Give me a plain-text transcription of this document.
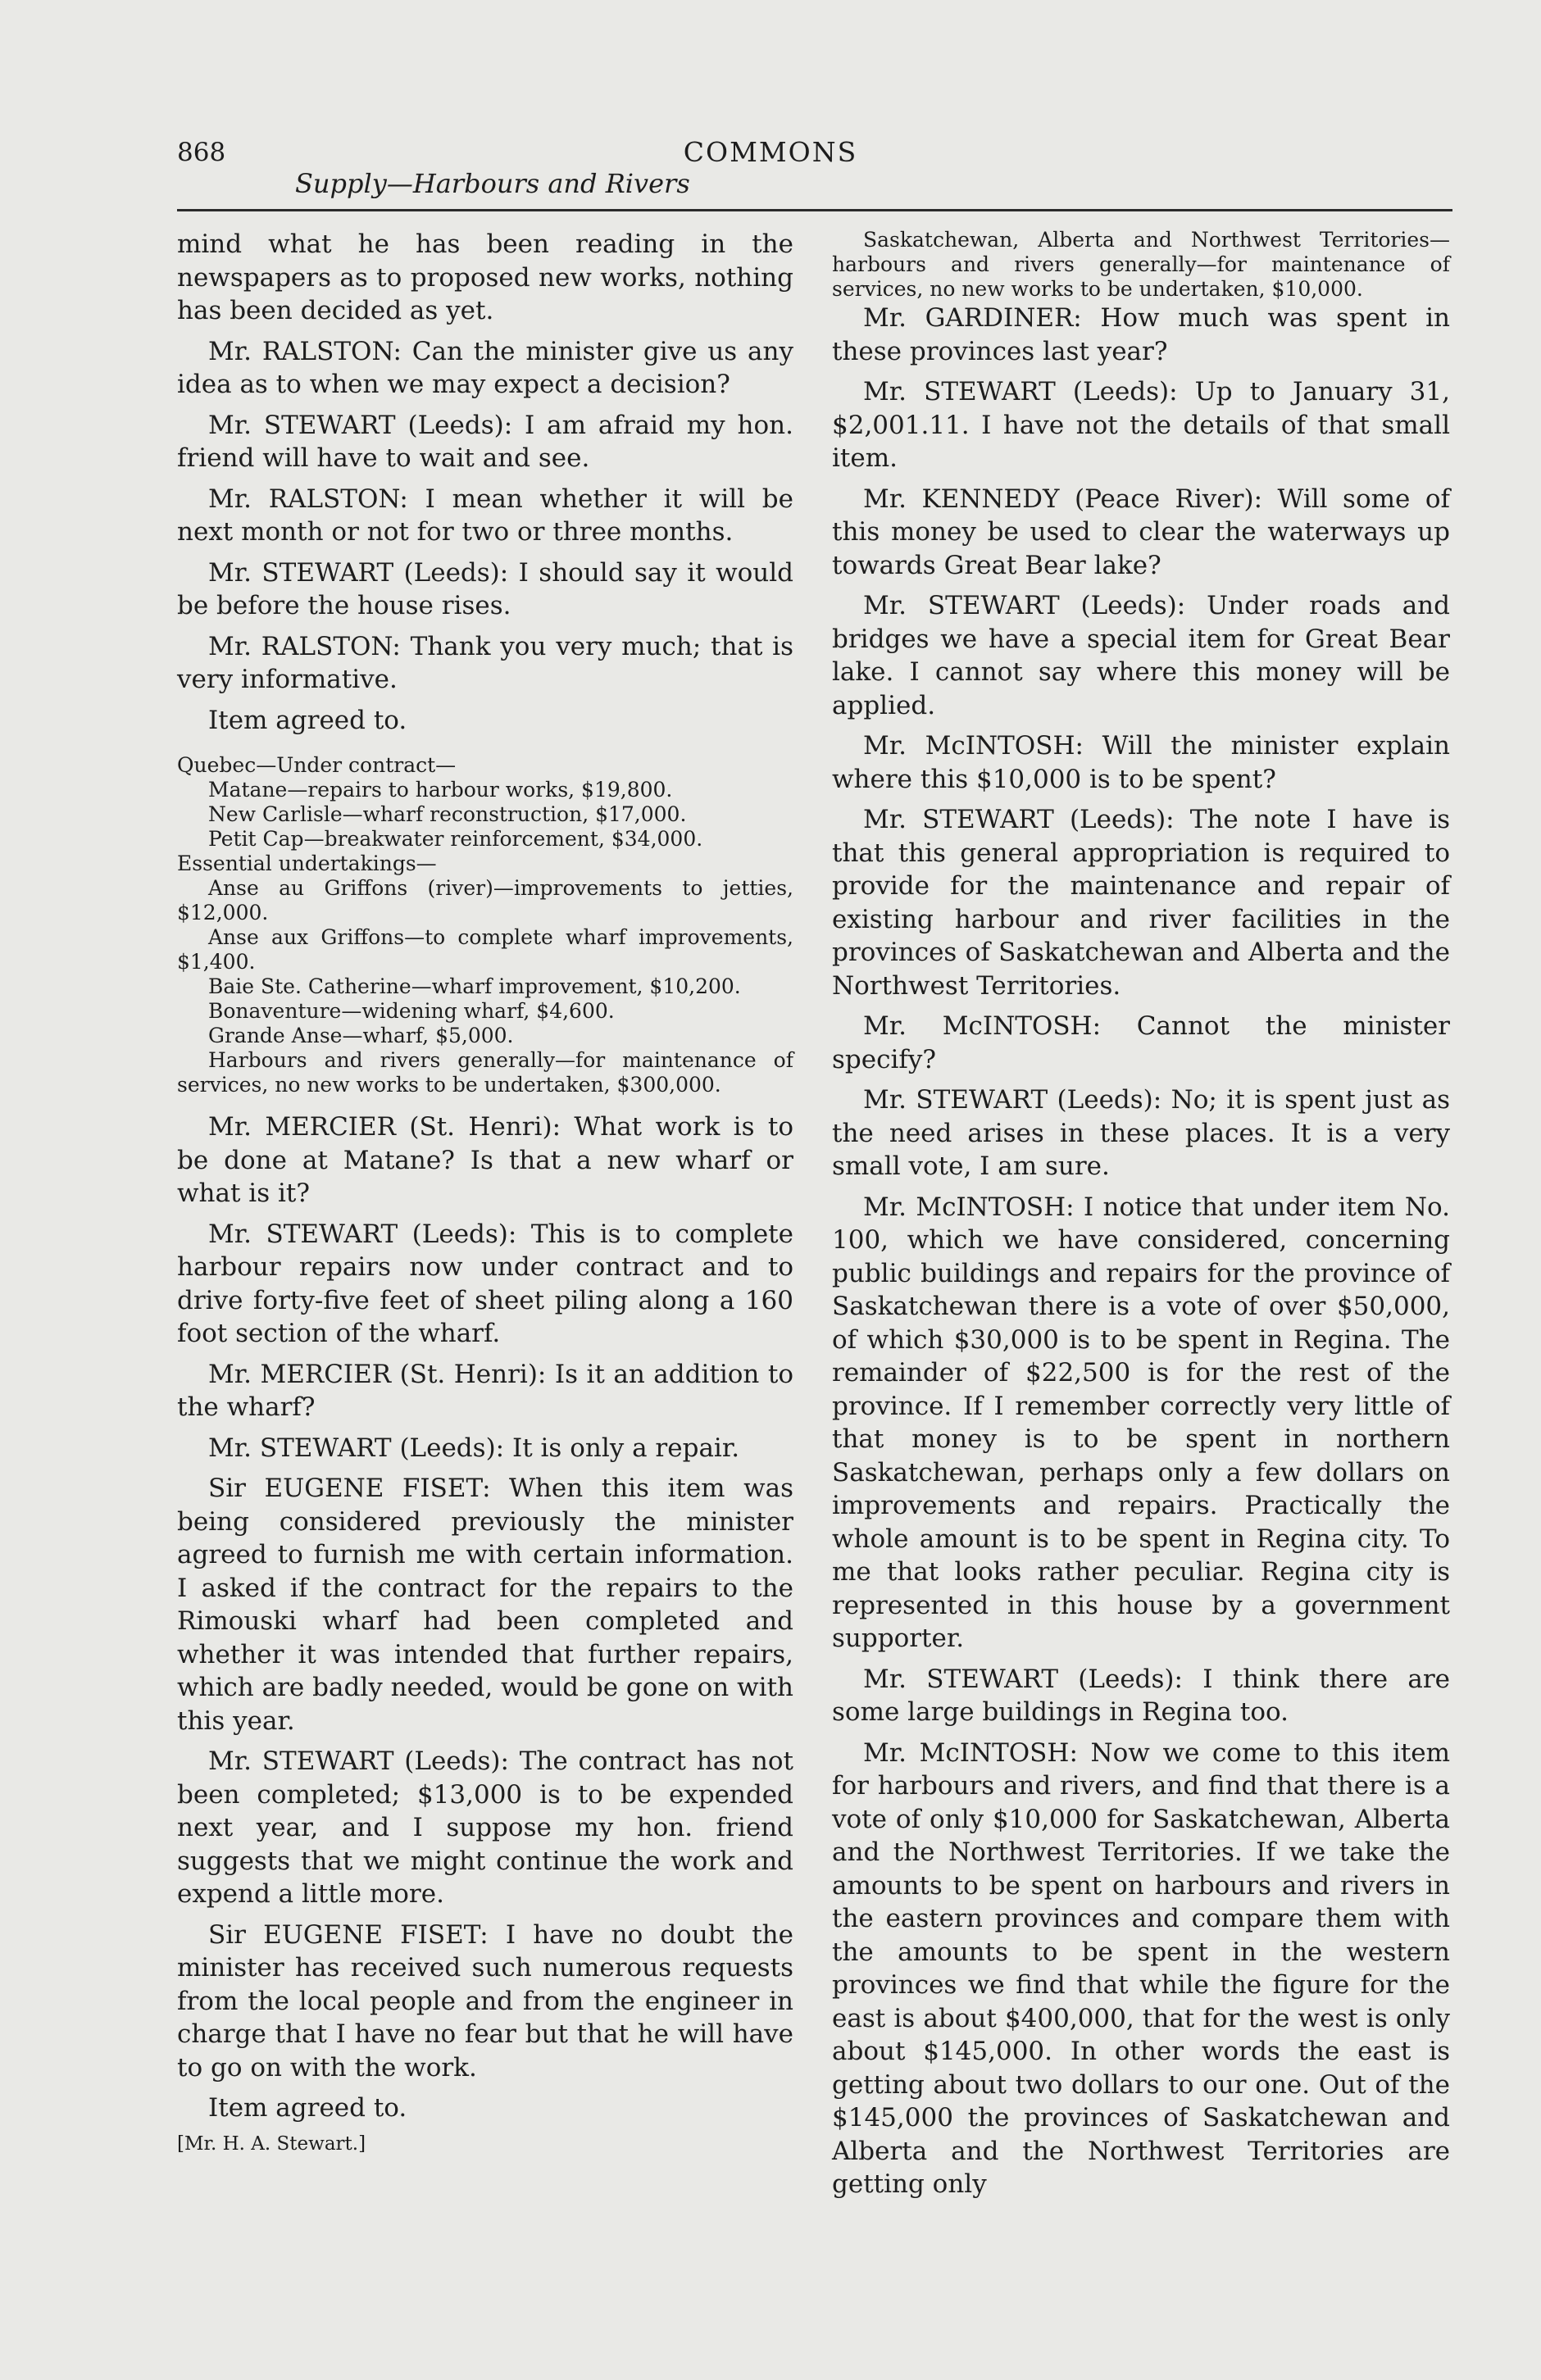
868	COMMONS
Supply—Harbours and Rivers

mind what he has been reading in the newspapers as to proposed new works, nothing has been decided as yet.

Mr. RALSTON: Can the minister give us any idea as to when we may expect a decision?

Mr. STEWART (Leeds): I am afraid my hon. friend will have to wait and see.

Mr. RALSTON: I mean whether it will be next month or not for two or three months.

Mr. STEWART (Leeds): I should say it would be before the house rises.

Mr. RALSTON: Thank you very much; that is very informative.

Item agreed to.

Quebec—Under contract—

Matane—repairs to harbour works, $19,800.

New Carlisle—wharf reconstruction, $17,000.

Petit Cap—breakwater reinforcement, $34,000.

Essential undertakings—

Anse au Griffons (river)—improvements to jetties, $12,000.

Anse aux Griffons—to complete wharf improvements, $1,400.

Baie Ste. Catherine—wharf improvement, $10,200.

Bonaventure—widening wharf, $4,600.

Grande Anse—wharf, $5,000.

Harbours and rivers generally—for maintenance of services, no new works to be undertaken, $300,000.

Mr. MERCIER (St. Henri): What work is to be done at Matane? Is that a new wharf or what is it?

Mr. STEWART (Leeds): This is to complete harbour repairs now under contract and to drive forty-five feet of sheet piling along a 160 foot section of the wharf.

Mr. MERCIER (St. Henri): Is it an addition to the wharf?

Mr. STEWART (Leeds): It is only a repair.

Sir EUGENE FISET: When this item was being considered previously the minister agreed to furnish me with certain information. I asked if the contract for the repairs to the Rimouski wharf had been completed and whether it was intended that further repairs, which are badly needed, would be gone on with this year.

Mr. STEWART (Leeds): The contract has not been completed; $13,000 is to be expended next year, and I suppose my hon. friend suggests that we might continue the work and expend a little more.

Sir EUGENE FISET: I have no doubt the minister has received such numerous requests from the local people and from the engineer in charge that I have no fear but that he will have to go on with the work.

Item agreed to.

[Mr. H. A. Stewart.]

Saskatchewan, Alberta and Northwest Territories—harbours and rivers generally—for maintenance of services, no new works to be undertaken, $10,000.

Mr. GARDINER: How much was spent in these provinces last year?

Mr. STEWART (Leeds): Up to January 31, $2,001.11. I have not the details of that small item.

Mr. KENNEDY (Peace River): Will some of this money be used to clear the waterways up towards Great Bear lake?

Mr. STEWART (Leeds): Under roads and bridges we have a special item for Great Bear lake. I cannot say where this money will be applied.

Mr. McINTOSH: Will the minister explain where this $10,000 is to be spent?

Mr. STEWART (Leeds): The note I have is that this general appropriation is required to provide for the maintenance and repair of existing harbour and river facilities in the provinces of Saskatchewan and Alberta and the Northwest Territories.

Mr. McINTOSH: Cannot the minister specify?

Mr. STEWART (Leeds): No; it is spent just as the need arises in these places. It is a very small vote, I am sure.

Mr. McINTOSH: I notice that under item No. 100, which we have considered, concerning public buildings and repairs for the province of Saskatchewan there is a vote of over $50,000, of which $30,000 is to be spent in Regina. The remainder of $22,500 is for the rest of the province. If I remember correctly very little of that money is to be spent in northern Saskatchewan, perhaps only a few dollars on improvements and repairs. Practically the whole amount is to be spent in Regina city. To me that looks rather peculiar. Regina city is represented in this house by a government supporter.

Mr. STEWART (Leeds): I think there are some large buildings in Regina too.

Mr. McINTOSH: Now we come to this item for harbours and rivers, and find that there is a vote of only $10,000 for Saskatchewan, Alberta and the Northwest Territories. If we take the amounts to be spent on harbours and rivers in the eastern provinces and compare them with the amounts to be spent in the western provinces we find that while the figure for the east is about $400,000, that for the west is only about $145,000. In other words the east is getting about two dollars to our one. Out of the $145,000 the provinces of Saskatchewan and Alberta and the Northwest Territories are getting only
